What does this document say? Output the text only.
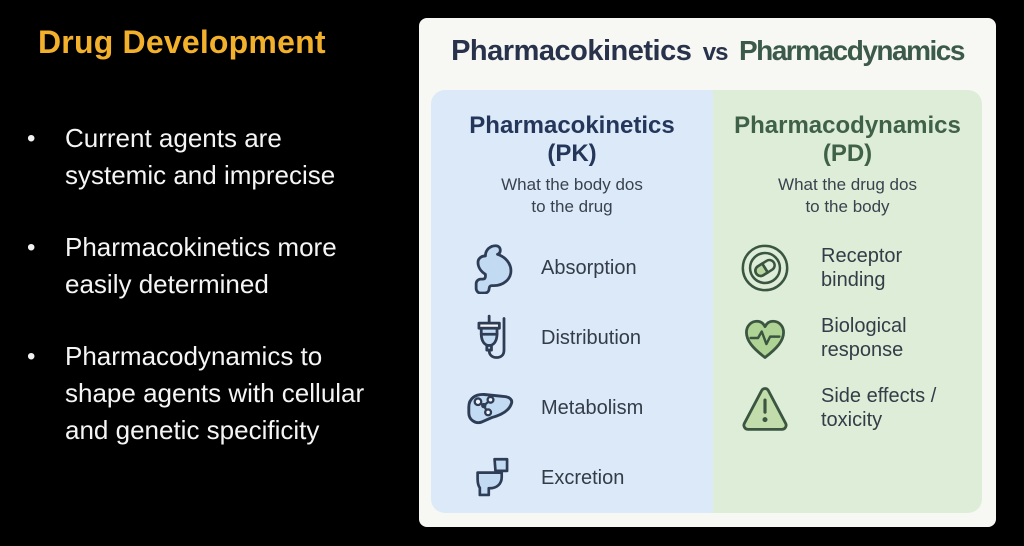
Drug Development
•	Current agents are systemic and imprecise
•	Pharmacokinetics more easily determined
•	Pharmacodynamics to shape agents with cellular and genetic specificity
Pharmacokinetics vs Pharmacdynamics
Pharmacokinetics
(PK)
What the body dos
to the drug
Absorption
Distribution
Metabolism
Excretion
Pharmacodynamics
(PD)
What the drug dos
to the body
Receptor binding
Biological response
Side effects / toxicity
